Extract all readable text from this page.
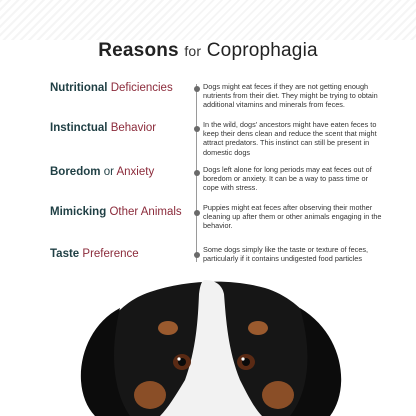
Reasons for Coprophagia
Nutritional Deficiencies	Dogs might eat feces if they are not getting enough nutrients from their diet. They might be trying to obtain additional vitamins and minerals from feces.
Instinctual Behavior	In the wild, dogs' ancestors might have eaten feces to keep their dens clean and reduce the scent that might attract predators. This instinct can still be present in domestic dogs
Boredom or Anxiety	Dogs left alone for long periods may eat feces out of boredom or anxiety. It can be a way to pass time or cope with stress.
Mimicking Other Animals	Puppies might eat feces after observing their mother cleaning up after them or other animals engaging in the behavior.
Taste Preference	Some dogs simply like the taste or texture of feces, particularly if it contains undigested food particles
